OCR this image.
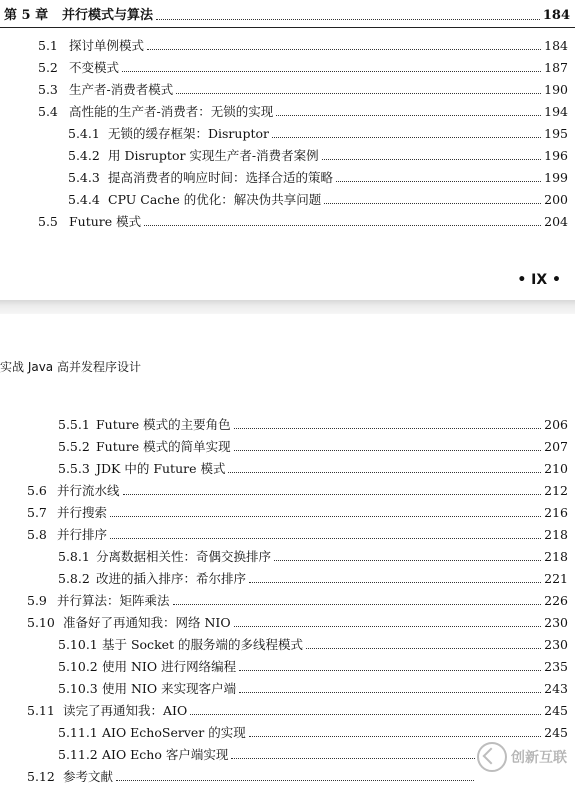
第 5 章	并行模式与算法	184
5.1 探讨单例模式	184
5.2 不变模式	187
5.3 生产者-消费者模式	190
5.4 高性能的生产者-消费者：无锁的实现	194
5.4.1 无锁的缓存框架：Disruptor	195
5.4.2 用 Disruptor 实现生产者-消费者案例	196
5.4.3 提高消费者的响应时间：选择合适的策略	199
5.4.4 CPU Cache 的优化：解决伪共享问题	200
5.5 Future 模式	204
• IX •
实战 Java 高并发程序设计
5.5.1 Future 模式的主要角色	206
5.5.2 Future 模式的简单实现	207
5.5.3 JDK 中的 Future 模式	210
5.6 并行流水线	212
5.7 并行搜索	216
5.8 并行排序	218
5.8.1 分离数据相关性：奇偶交换排序	218
5.8.2 改进的插入排序：希尔排序	221
5.9 并行算法：矩阵乘法	226
5.10 准备好了再通知我：网络 NIO	230
5.10.1 基于 Socket 的服务端的多线程模式	230
5.10.2 使用 NIO 进行网络编程	235
5.10.3 使用 NIO 来实现客户端	243
5.11 读完了再通知我：AIO	245
5.11.1 AIO EchoServer 的实现	245
5.11.2 AIO Echo 客户端实现
5.12 参考文献
创新互联
